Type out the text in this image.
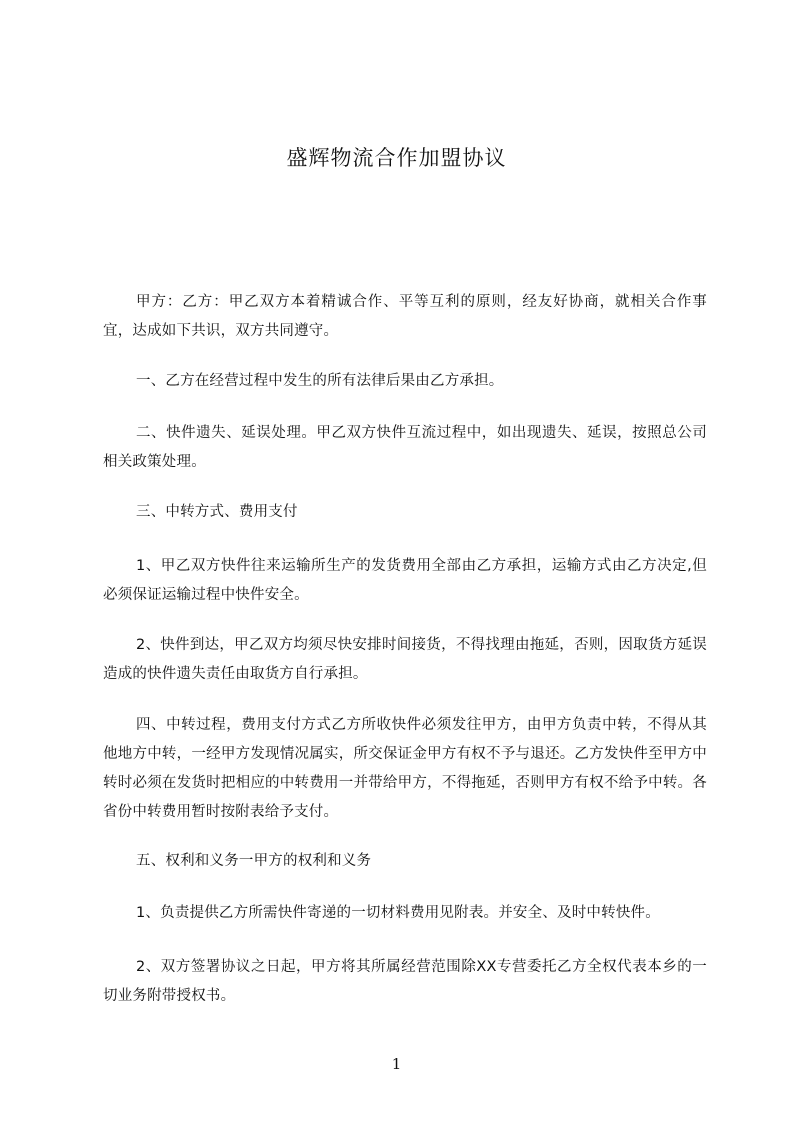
盛辉物流合作加盟协议

甲方：乙方：甲乙双方本着精诚合作、平等互利的原则，经友好协商，就相关合作事宜，达成如下共识，双方共同遵守。

一、乙方在经营过程中发生的所有法律后果由乙方承担。

二、快件遗失、延误处理。甲乙双方快件互流过程中，如出现遗失、延误，按照总公司相关政策处理。

三、中转方式、费用支付

1、甲乙双方快件往来运输所生产的发货费用全部由乙方承担，运输方式由乙方决定,但必须保证运输过程中快件安全。

2、快件到达，甲乙双方均须尽快安排时间接货，不得找理由拖延，否则，因取货方延误造成的快件遗失责任由取货方自行承担。

四、中转过程，费用支付方式乙方所收快件必须发往甲方，由甲方负责中转，不得从其他地方中转，一经甲方发现情况属实，所交保证金甲方有权不予与退还。乙方发快件至甲方中转时必须在发货时把相应的中转费用一并带给甲方，不得拖延，否则甲方有权不给予中转。各省份中转费用暂时按附表给予支付。

五、权利和义务一甲方的权利和义务

1、负责提供乙方所需快件寄递的一切材料费用见附表。并安全、及时中转快件。

2、双方签署协议之日起，甲方将其所属经营范围除XX专营委托乙方全权代表本乡的一切业务附带授权书。

1
